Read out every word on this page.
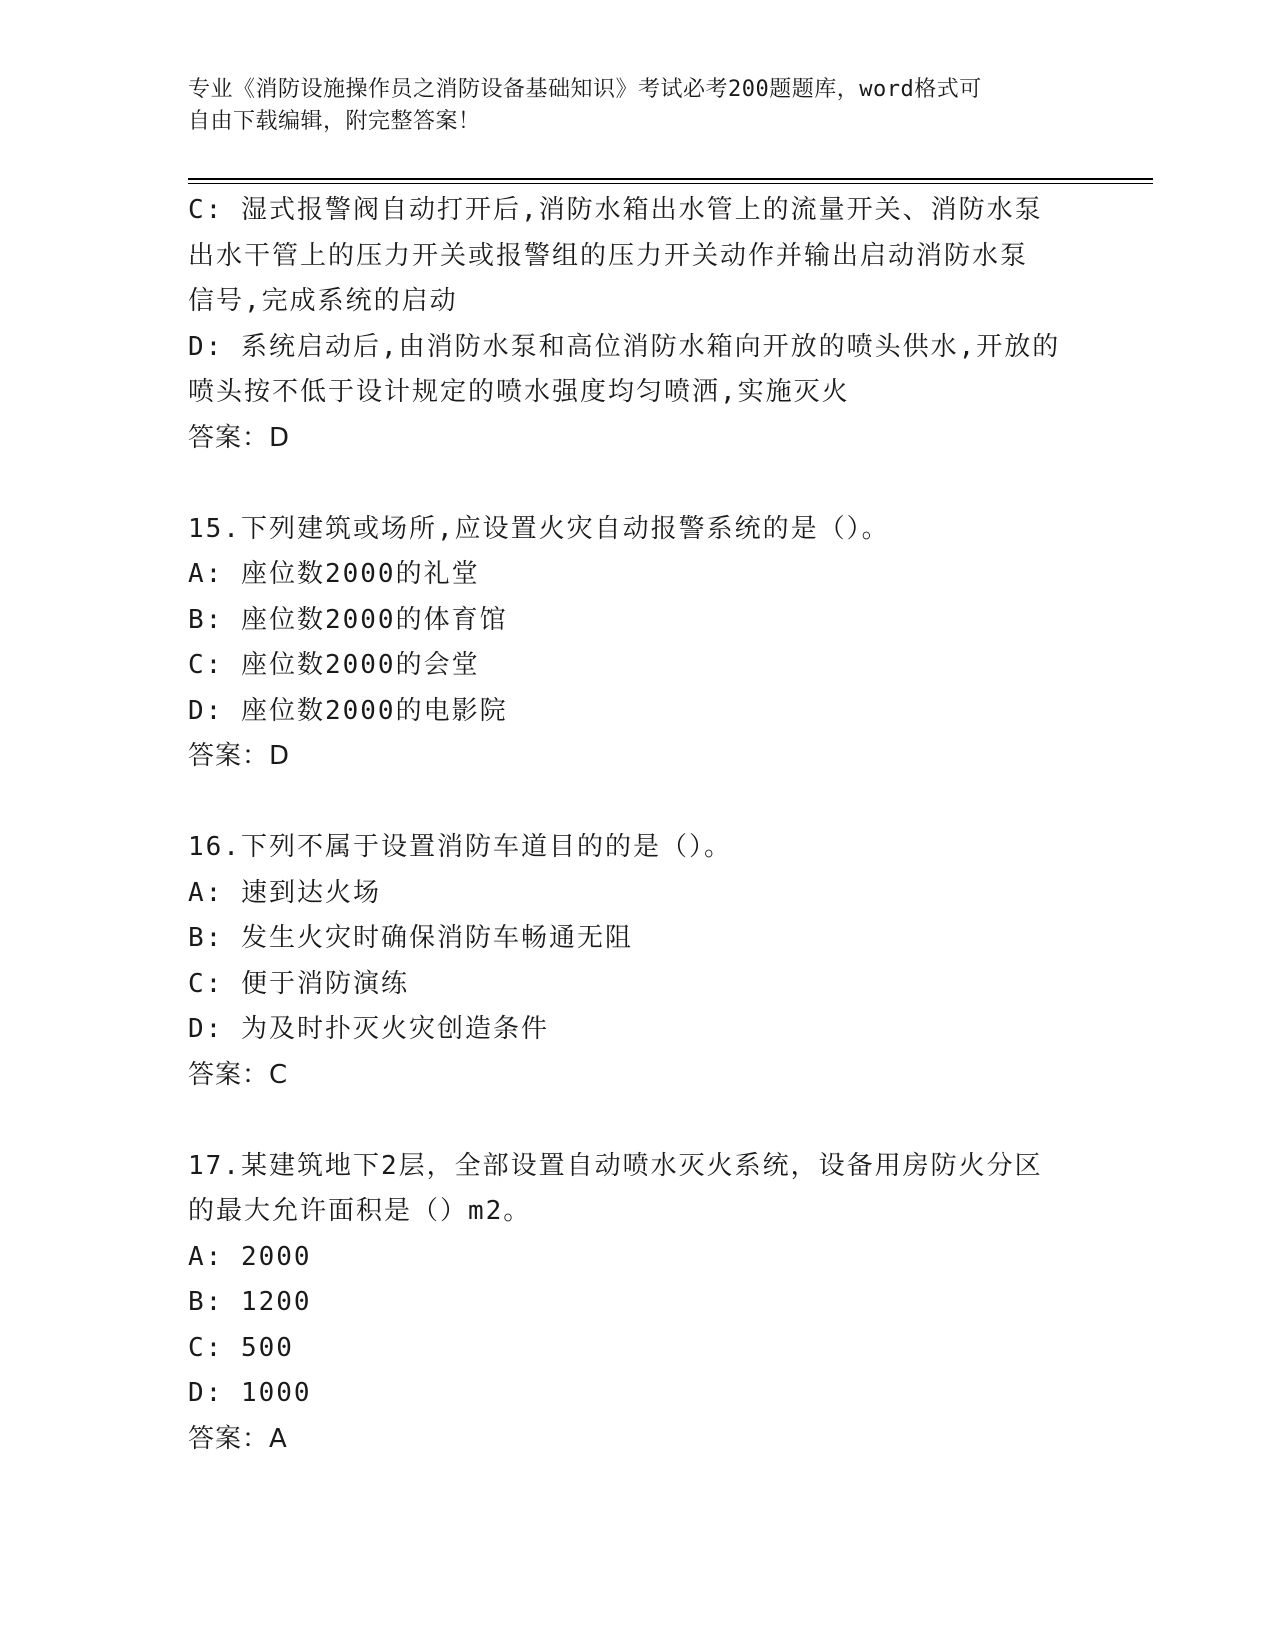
专业《消防设施操作员之消防设备基础知识》考试必考200题题库，word格式可
自由下载编辑，附完整答案！
C: 湿式报警阀自动打开后,消防水箱出水管上的流量开关、消防水泵
出水干管上的压力开关或报警组的压力开关动作并输出启动消防水泵
信号,完成系统的启动
D: 系统启动后,由消防水泵和高位消防水箱向开放的喷头供水,开放的
喷头按不低于设计规定的喷水强度均匀喷洒,实施灭火
答案：D
15.下列建筑或场所,应设置火灾自动报警系统的是（）。
A: 座位数2000的礼堂
B: 座位数2000的体育馆
C: 座位数2000的会堂
D: 座位数2000的电影院
答案：D
16.下列不属于设置消防车道目的的是（）。
A: 速到达火场
B: 发生火灾时确保消防车畅通无阻
C: 便于消防演练
D: 为及时扑灭火灾创造条件
答案：C
17.某建筑地下2层，全部设置自动喷水灭火系统，设备用房防火分区
的最大允许面积是（）m2。
A: 2000
B: 1200
C: 500
D: 1000
答案：A
